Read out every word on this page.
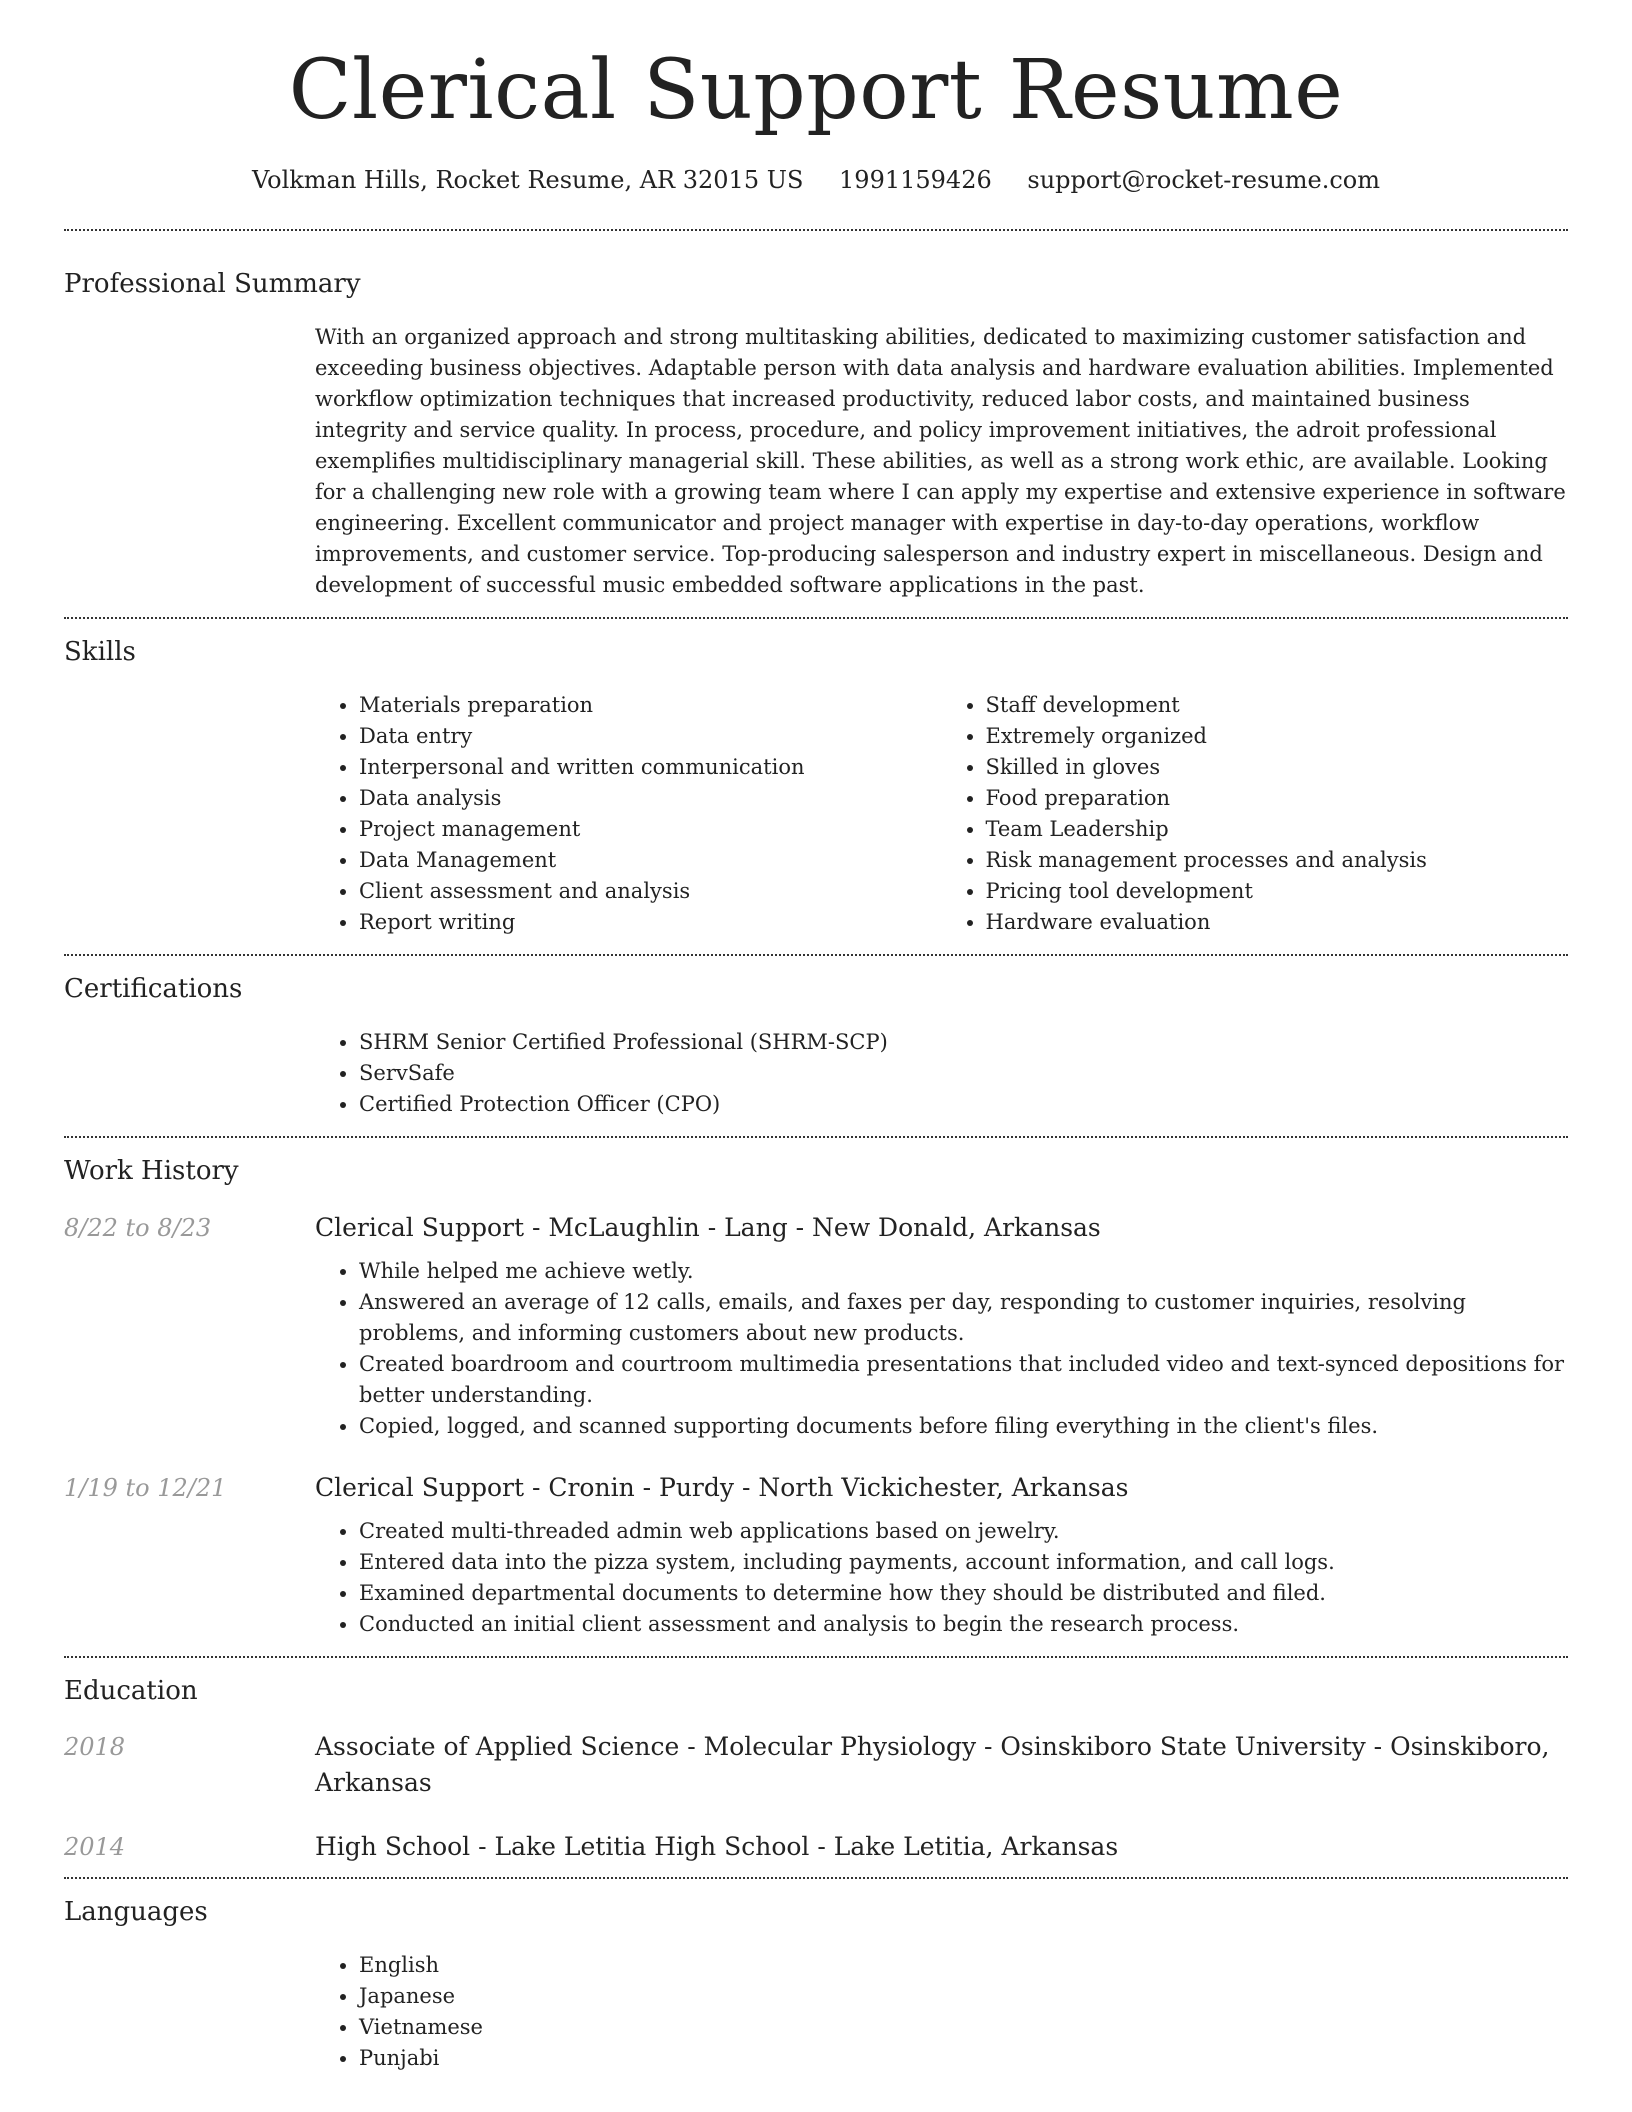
Clerical Support Resume
Volkman Hills, Rocket Resume, AR 32015 US 1991159426 support@rocket-resume.com
Professional Summary
With an organized approach and strong multitasking abilities, dedicated to maximizing customer satisfaction and exceeding business objectives. Adaptable person with data analysis and hardware evaluation abilities. Implemented workflow optimization techniques that increased productivity, reduced labor costs, and maintained business integrity and service quality. In process, procedure, and policy improvement initiatives, the adroit professional exemplifies multidisciplinary managerial skill. These abilities, as well as a strong work ethic, are available. Looking for a challenging new role with a growing team where I can apply my expertise and extensive experience in software engineering. Excellent communicator and project manager with expertise in day-to-day operations, workflow improvements, and customer service. Top-producing salesperson and industry expert in miscellaneous. Design and development of successful music embedded software applications in the past.
Skills
• Materials preparation
• Data entry
• Interpersonal and written communication
• Data analysis
• Project management
• Data Management
• Client assessment and analysis
• Report writing
• Staff development
• Extremely organized
• Skilled in gloves
• Food preparation
• Team Leadership
• Risk management processes and analysis
• Pricing tool development
• Hardware evaluation
Certifications
• SHRM Senior Certified Professional (SHRM-SCP)
• ServSafe
• Certified Protection Officer (CPO)
Work History
8/22 to 8/23	Clerical Support - McLaughlin - Lang - New Donald, Arkansas
• While helped me achieve wetly.
• Answered an average of 12 calls, emails, and faxes per day, responding to customer inquiries, resolving problems, and informing customers about new products.
• Created boardroom and courtroom multimedia presentations that included video and text-synced depositions for better understanding.
• Copied, logged, and scanned supporting documents before filing everything in the client's files.
1/19 to 12/21	Clerical Support - Cronin - Purdy - North Vickichester, Arkansas
• Created multi-threaded admin web applications based on jewelry.
• Entered data into the pizza system, including payments, account information, and call logs.
• Examined departmental documents to determine how they should be distributed and filed.
• Conducted an initial client assessment and analysis to begin the research process.
Education
2018	Associate of Applied Science - Molecular Physiology - Osinskiboro State University - Osinskiboro, Arkansas
2014	High School - Lake Letitia High School - Lake Letitia, Arkansas
Languages
• English
• Japanese
• Vietnamese
• Punjabi
